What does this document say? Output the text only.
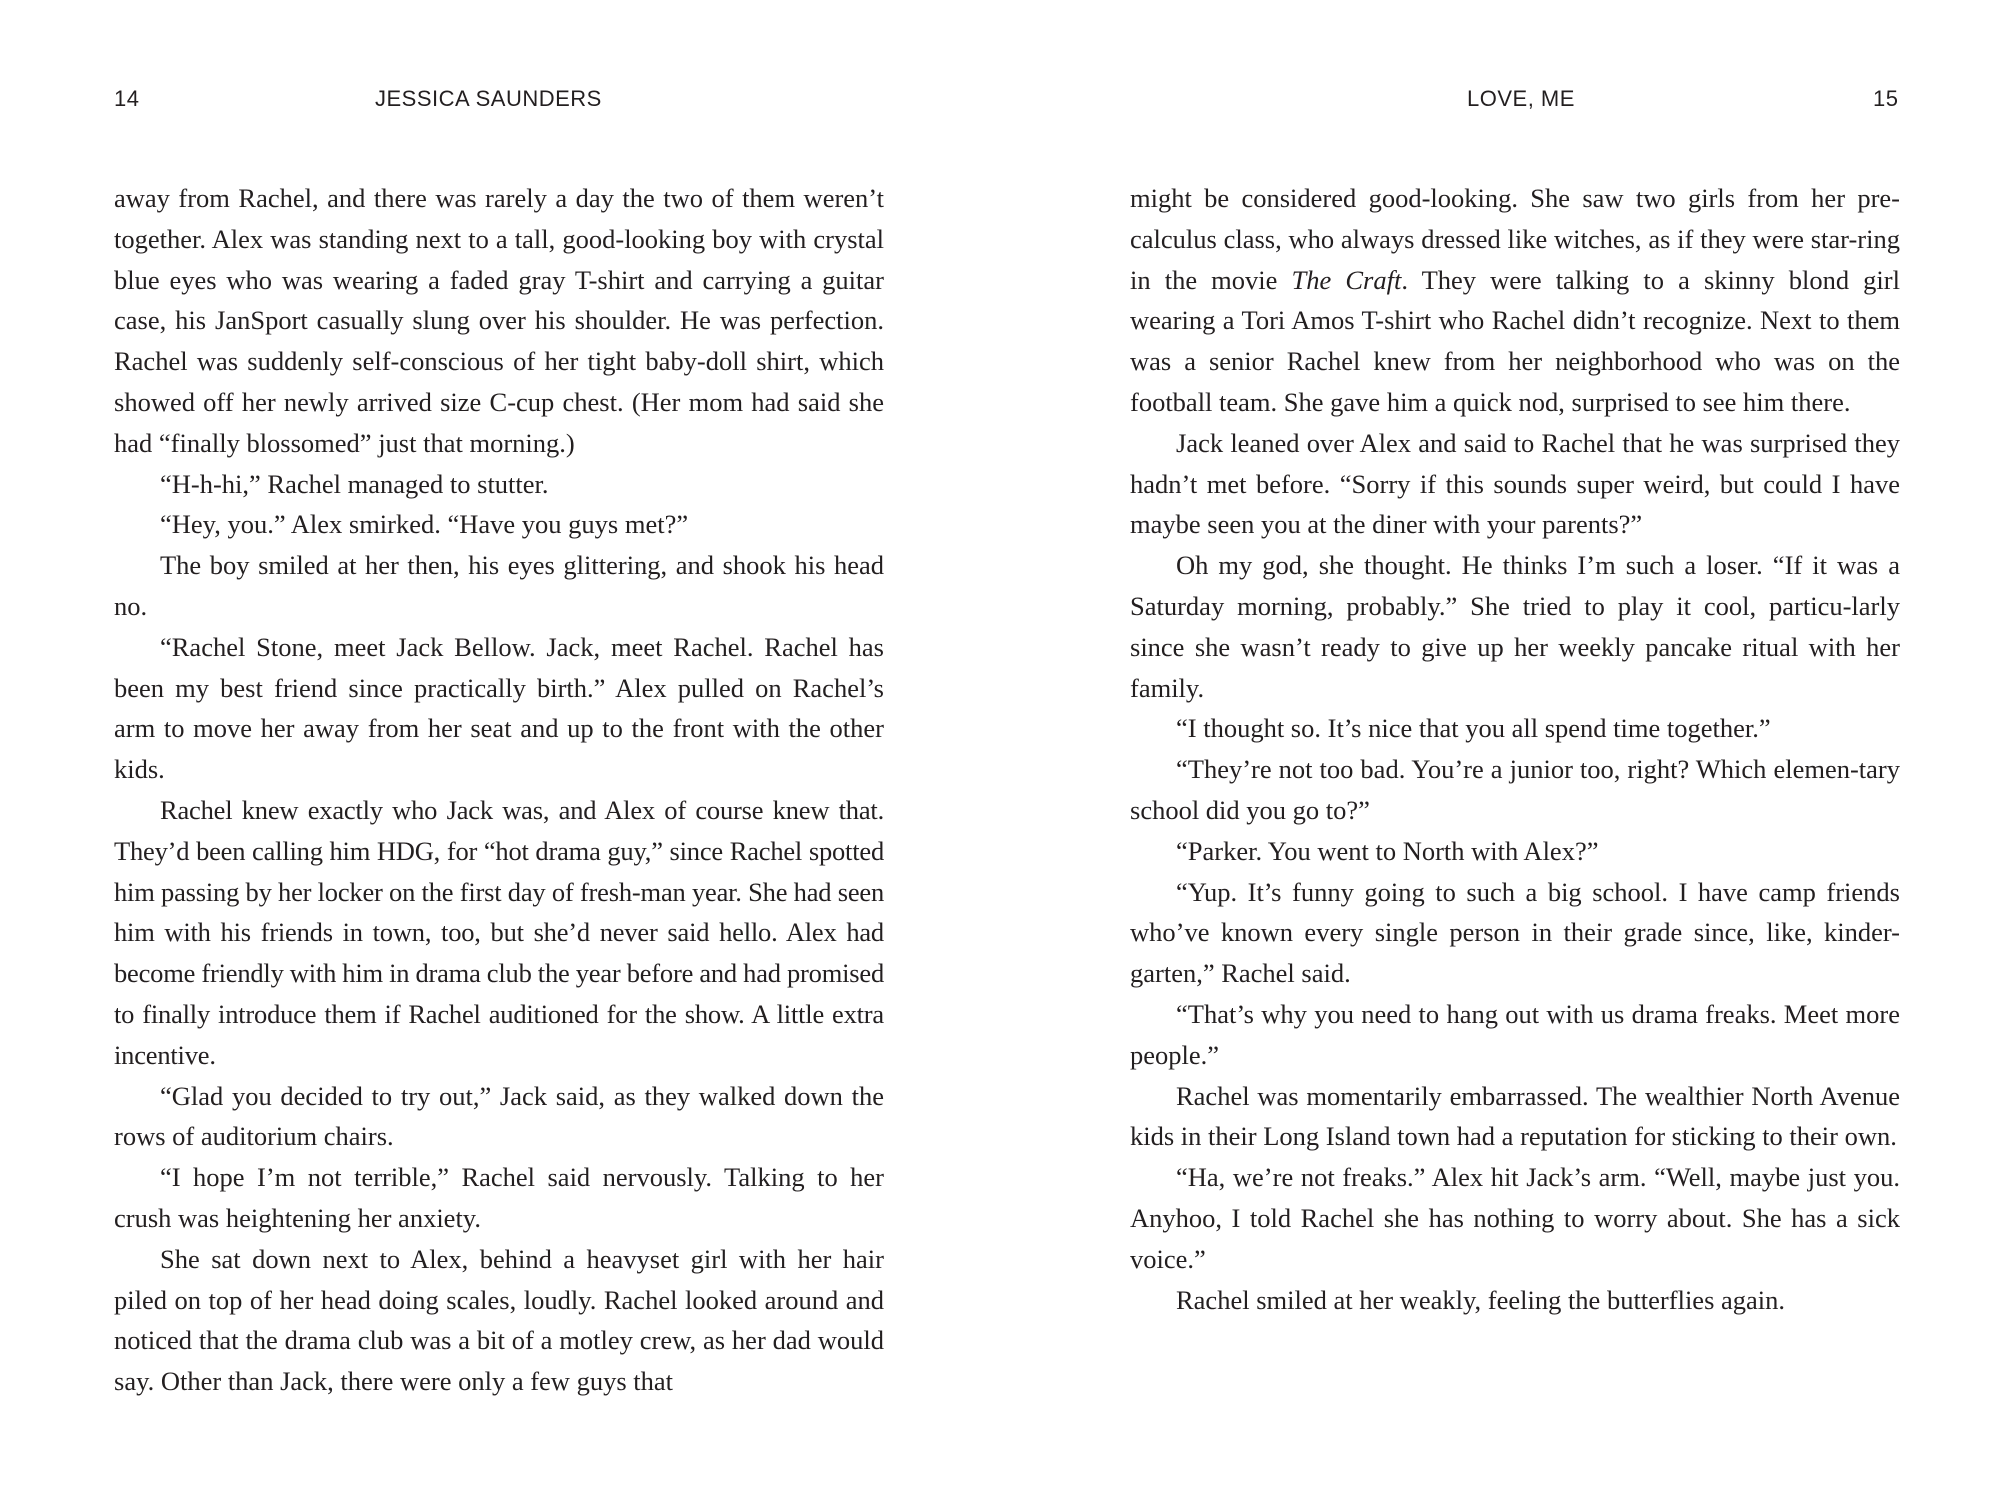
14	JESSICA SAUNDERS

away from Rachel, and there was rarely a day the two of them weren’t together. Alex was standing next to a tall, good-looking boy with crystal blue eyes who was wearing a faded gray T-shirt and carrying a guitar case, his JanSport casually slung over his shoulder. He was perfection. Rachel was suddenly self-conscious of her tight baby-doll shirt, which showed off her newly arrived size C-cup chest. (Her mom had said she had “finally blossomed” just that morning.)

“H-h-hi,” Rachel managed to stutter.

“Hey, you.” Alex smirked. “Have you guys met?”

The boy smiled at her then, his eyes glittering, and shook his head no.

“Rachel Stone, meet Jack Bellow. Jack, meet Rachel. Rachel has been my best friend since practically birth.” Alex pulled on Rachel’s arm to move her away from her seat and up to the front with the other kids.

Rachel knew exactly who Jack was, and Alex of course knew that. They’d been calling him HDG, for “hot drama guy,” since Rachel spotted him passing by her locker on the first day of fresh-man year. She had seen him with his friends in town, too, but she’d never said hello. Alex had become friendly with him in drama club the year before and had promised to finally introduce them if Rachel auditioned for the show. A little extra incentive.

“Glad you decided to try out,” Jack said, as they walked down the rows of auditorium chairs.

“I hope I’m not terrible,” Rachel said nervously. Talking to her crush was heightening her anxiety.

She sat down next to Alex, behind a heavyset girl with her hair piled on top of her head doing scales, loudly. Rachel looked around and noticed that the drama club was a bit of a motley crew, as her dad would say. Other than Jack, there were only a few guys that

LOVE, ME	15

might be considered good-looking. She saw two girls from her pre-calculus class, who always dressed like witches, as if they were star-ring in the movie The Craft. They were talking to a skinny blond girl wearing a Tori Amos T-shirt who Rachel didn’t recognize. Next to them was a senior Rachel knew from her neighborhood who was on the football team. She gave him a quick nod, surprised to see him there.

Jack leaned over Alex and said to Rachel that he was surprised they hadn’t met before. “Sorry if this sounds super weird, but could I have maybe seen you at the diner with your parents?”

Oh my god, she thought. He thinks I’m such a loser. “If it was a Saturday morning, probably.” She tried to play it cool, particu-larly since she wasn’t ready to give up her weekly pancake ritual with her family.

“I thought so. It’s nice that you all spend time together.”

“They’re not too bad. You’re a junior too, right? Which elemen-tary school did you go to?”

“Parker. You went to North with Alex?”

“Yup. It’s funny going to such a big school. I have camp friends who’ve known every single person in their grade since, like, kinder-garten,” Rachel said.

“That’s why you need to hang out with us drama freaks. Meet more people.”

Rachel was momentarily embarrassed. The wealthier North Avenue kids in their Long Island town had a reputation for sticking to their own.

“Ha, we’re not freaks.” Alex hit Jack’s arm. “Well, maybe just you. Anyhoo, I told Rachel she has nothing to worry about. She has a sick voice.”

Rachel smiled at her weakly, feeling the butterflies again.
